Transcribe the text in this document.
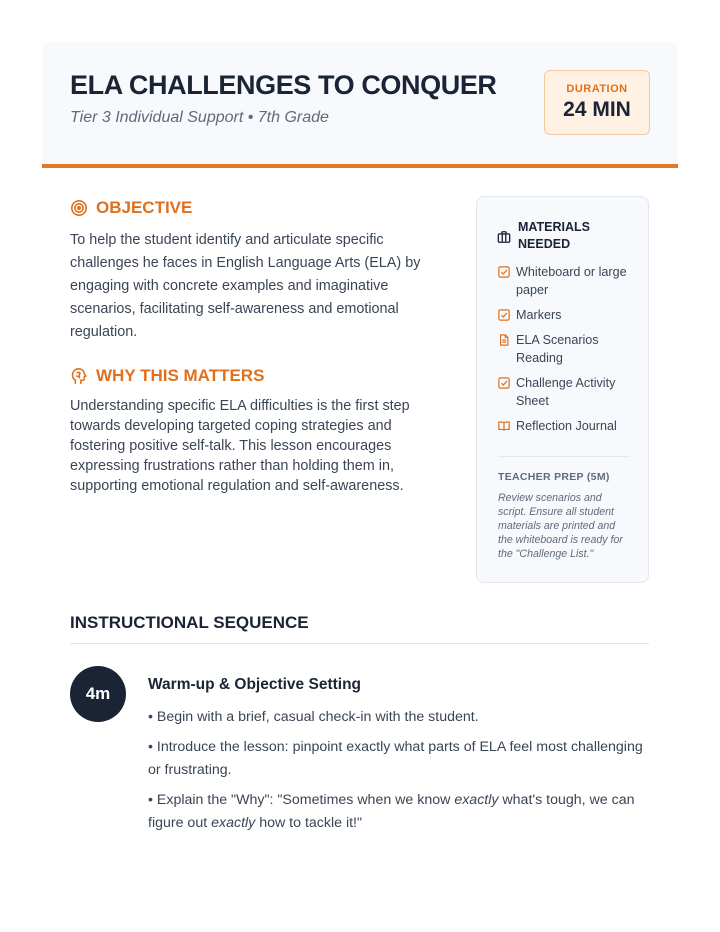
ELA CHALLENGES TO CONQUER
Tier 3 Individual Support • 7th Grade
DURATION
24 MIN
OBJECTIVE
To help the student identify and articulate specific challenges he faces in English Language Arts (ELA) by engaging with concrete examples and imaginative scenarios, facilitating self-awareness and emotional regulation.
WHY THIS MATTERS
Understanding specific ELA difficulties is the first step towards developing targeted coping strategies and fostering positive self-talk. This lesson encourages expressing frustrations rather than holding them in, supporting emotional regulation and self-awareness.
MATERIALS NEEDED
Whiteboard or large paper
Markers
ELA Scenarios Reading
Challenge Activity Sheet
Reflection Journal
TEACHER PREP (5M)
Review scenarios and script. Ensure all student materials are printed and the whiteboard is ready for the "Challenge List."
INSTRUCTIONAL SEQUENCE
4m	Warm-up & Objective Setting
• Begin with a brief, casual check-in with the student.
• Introduce the lesson: pinpoint exactly what parts of ELA feel most challenging or frustrating.
• Explain the "Why": "Sometimes when we know exactly what's tough, we can figure out exactly how to tackle it!"
